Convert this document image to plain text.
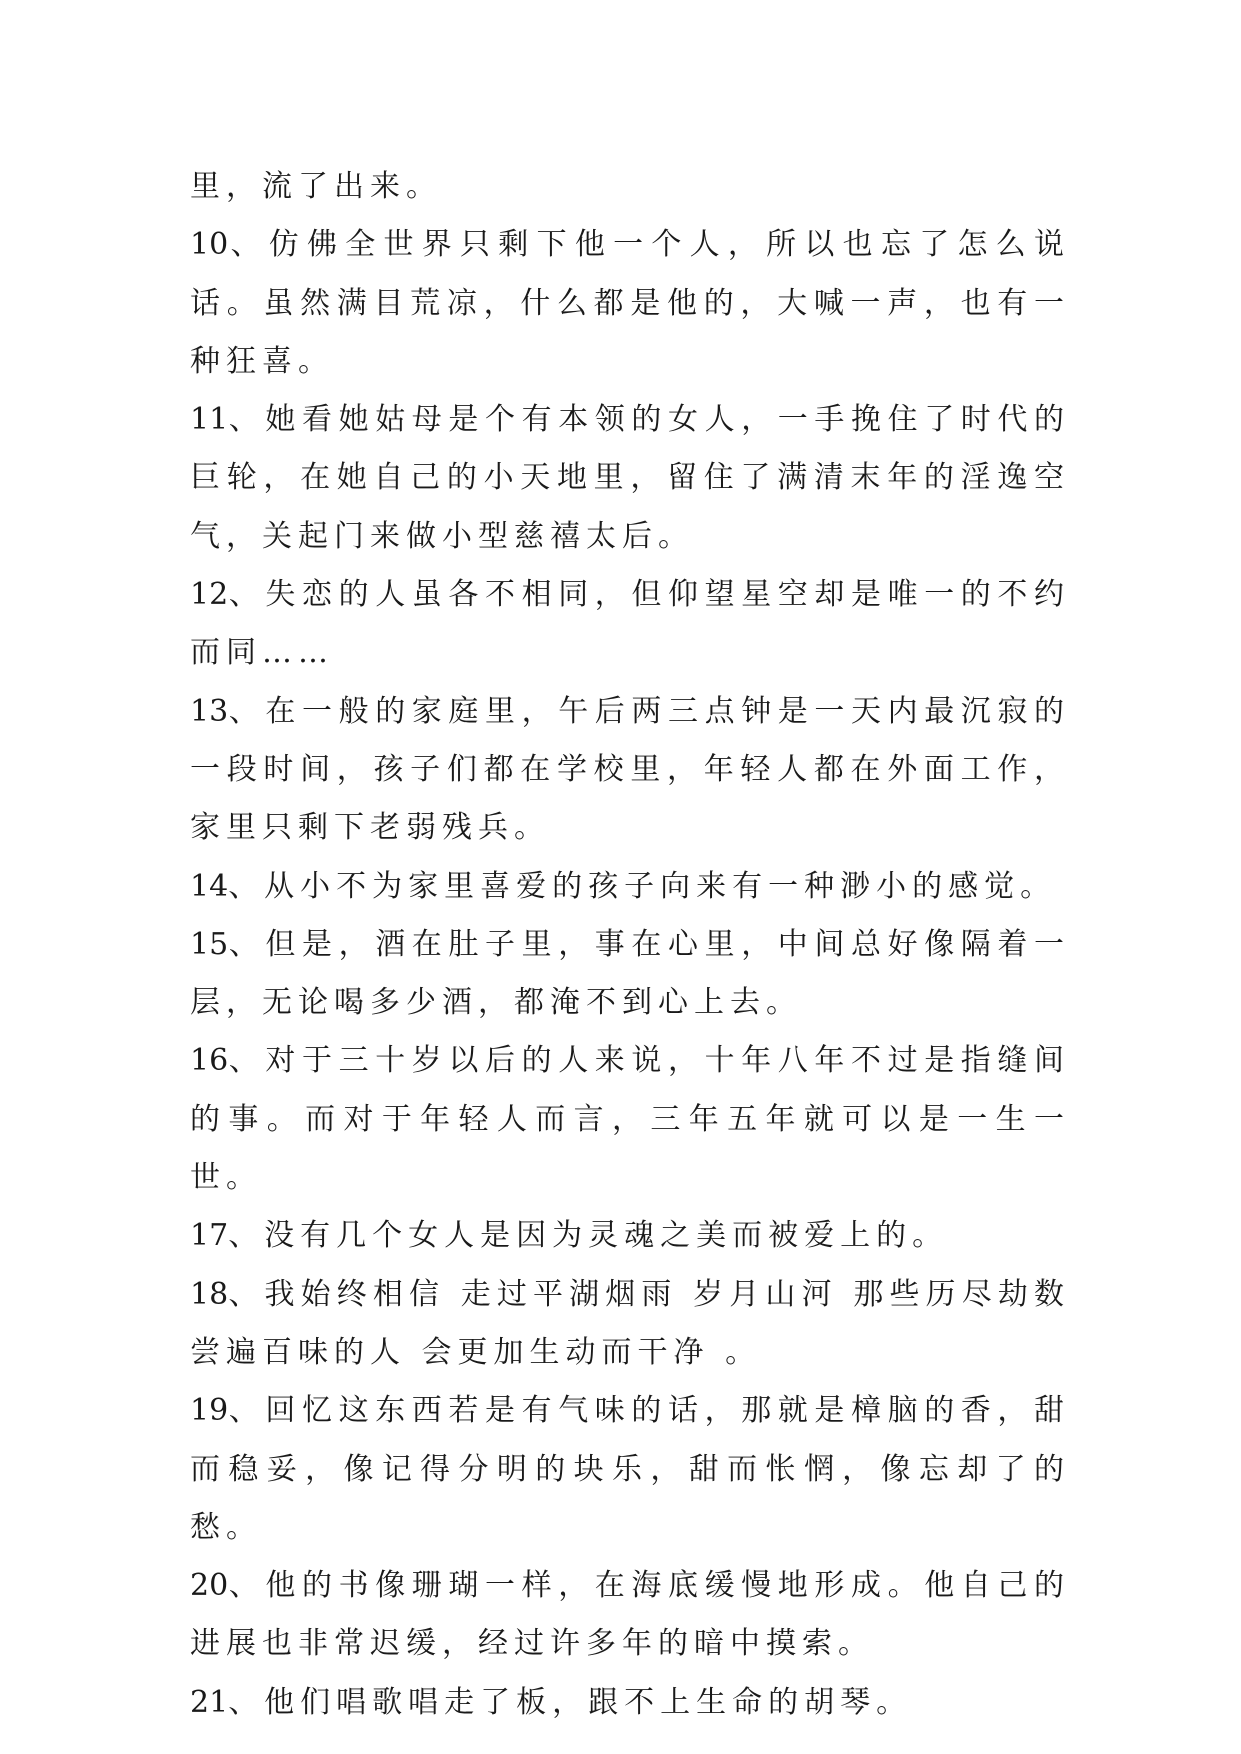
里，流了出来。

10、仿佛全世界只剩下他一个人，所以也忘了怎么说话。虽然满目荒凉，什么都是他的，大喊一声，也有一种狂喜。

11、她看她姑母是个有本领的女人，一手挽住了时代的巨轮，在她自己的小天地里，留住了满清末年的淫逸空气，关起门来做小型慈禧太后。

12、失恋的人虽各不相同，但仰望星空却是唯一的不约而同……

13、在一般的家庭里，午后两三点钟是一天内最沉寂的一段时间，孩子们都在学校里，年轻人都在外面工作，家里只剩下老弱残兵。

14、从小不为家里喜爱的孩子向来有一种渺小的感觉。

15、但是，酒在肚子里，事在心里，中间总好像隔着一层，无论喝多少酒，都淹不到心上去。

16、对于三十岁以后的人来说，十年八年不过是指缝间的事。而对于年轻人而言，三年五年就可以是一生一世。

17、没有几个女人是因为灵魂之美而被爱上的。

18、我始终相信 走过平湖烟雨 岁月山河 那些历尽劫数 尝遍百味的人 会更加生动而干净 。

19、回忆这东西若是有气味的话，那就是樟脑的香，甜而稳妥，像记得分明的块乐，甜而怅惘，像忘却了的愁。

20、他的书像珊瑚一样，在海底缓慢地形成。他自己的进展也非常迟缓，经过许多年的暗中摸索。

21、他们唱歌唱走了板，跟不上生命的胡琴。
